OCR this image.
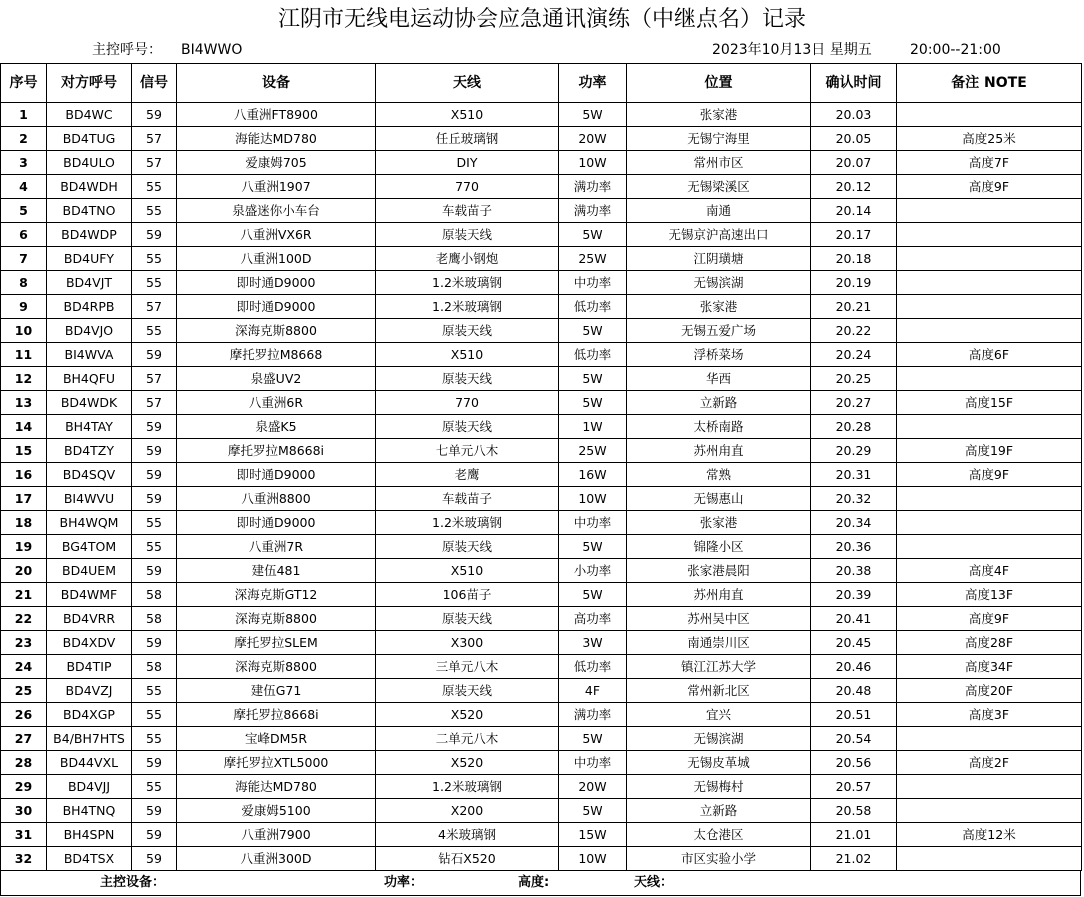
江阴市无线电运动协会应急通讯演练（中继点名）记录
主控呼号： BI4WWO	2023年10月13日 星期五	20:00--21:00
序号	对方呼号	信号	设备	天线	功率	位置	确认时间	备注 NOTE
1	BD4WC	59	八重洲FT8900	X510	5W	张家港	20.03	
2	BD4TUG	57	海能达MD780	任丘玻璃钢	20W	无锡宁海里	20.05	高度25米
3	BD4ULO	57	爱康姆705	DIY	10W	常州市区	20.07	高度7F
4	BD4WDH	55	八重洲1907	770	满功率	无锡梁溪区	20.12	高度9F
5	BD4TNO	55	泉盛迷你小车台	车载苗子	满功率	南通	20.14	
6	BD4WDP	59	八重洲VX6R	原装天线	5W	无锡京沪高速出口	20.17	
7	BD4UFY	55	八重洲100D	老鹰小钢炮	25W	江阴璜塘	20.18	
8	BD4VJT	55	即时通D9000	1.2米玻璃钢	中功率	无锡滨湖	20.19	
9	BD4RPB	57	即时通D9000	1.2米玻璃钢	低功率	张家港	20.21	
10	BD4VJO	55	深海克斯8800	原装天线	5W	无锡五爱广场	20.22	
11	BI4WVA	59	摩托罗拉M8668	X510	低功率	浮桥菜场	20.24	高度6F
12	BH4QFU	57	泉盛UV2	原装天线	5W	华西	20.25	
13	BD4WDK	57	八重洲6R	770	5W	立新路	20.27	高度15F
14	BH4TAY	59	泉盛K5	原装天线	1W	太桥南路	20.28	
15	BD4TZY	59	摩托罗拉M8668i	七单元八木	25W	苏州甪直	20.29	高度19F
16	BD4SQV	59	即时通D9000	老鹰	16W	常熟	20.31	高度9F
17	BI4WVU	59	八重洲8800	车载苗子	10W	无锡惠山	20.32	
18	BH4WQM	55	即时通D9000	1.2米玻璃钢	中功率	张家港	20.34	
19	BG4TOM	55	八重洲7R	原装天线	5W	锦隆小区	20.36	
20	BD4UEM	59	建伍481	X510	小功率	张家港晨阳	20.38	高度4F
21	BD4WMF	58	深海克斯GT12	106苗子	5W	苏州甪直	20.39	高度13F
22	BD4VRR	58	深海克斯8800	原装天线	高功率	苏州吴中区	20.41	高度9F
23	BD4XDV	59	摩托罗拉SLEM	X300	3W	南通崇川区	20.45	高度28F
24	BD4TIP	58	深海克斯8800	三单元八木	低功率	镇江江苏大学	20.46	高度34F
25	BD4VZJ	55	建伍G71	原装天线	4F	常州新北区	20.48	高度20F
26	BD4XGP	55	摩托罗拉8668i	X520	满功率	宜兴	20.51	高度3F
27	B4/BH7HTS	55	宝峰DM5R	二单元八木	5W	无锡滨湖	20.54	
28	BD44VXL	59	摩托罗拉XTL5000	X520	中功率	无锡皮革城	20.56	高度2F
29	BD4VJJ	55	海能达MD780	1.2米玻璃钢	20W	无锡梅村	20.57	
30	BH4TNQ	59	爱康姆5100	X200	5W	立新路	20.58	
31	BH4SPN	59	八重洲7900	4米玻璃钢	15W	太仓港区	21.01	高度12米
32	BD4TSX	59	八重洲300D	钻石X520	10W	市区实验小学	21.02	
主控设备：	功率：	高度:	天线：
